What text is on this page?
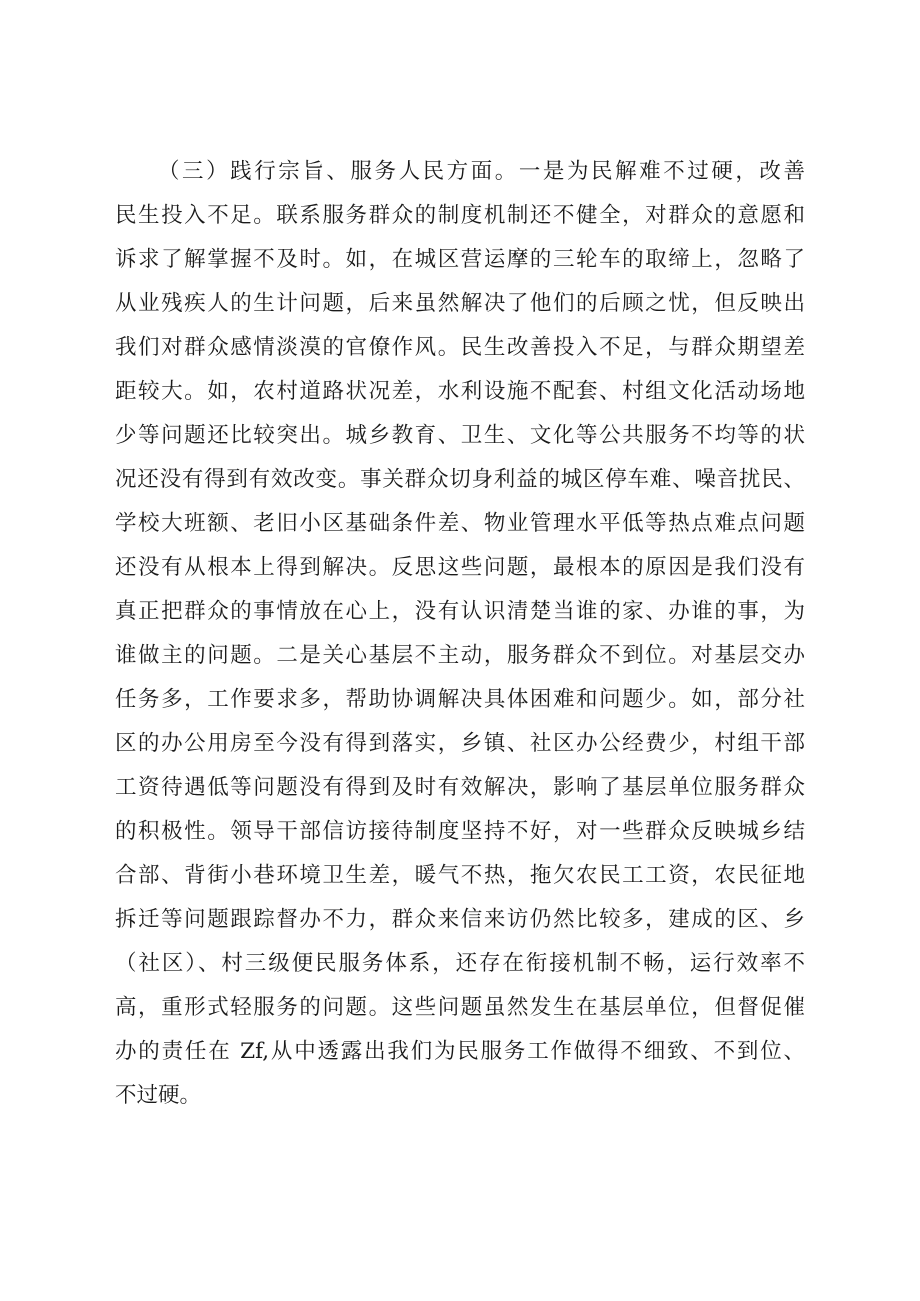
（三）践行宗旨、服务人民方面。一是为民解难不过硬，改善
民生投入不足。联系服务群众的制度机制还不健全，对群众的意愿和
诉求了解掌握不及时。如，在城区营运摩的三轮车的取缔上，忽略了
从业残疾人的生计问题，后来虽然解决了他们的后顾之忧，但反映出
我们对群众感情淡漠的官僚作风。民生改善投入不足，与群众期望差
距较大。如，农村道路状况差，水利设施不配套、村组文化活动场地
少等问题还比较突出。城乡教育、卫生、文化等公共服务不均等的状
况还没有得到有效改变。事关群众切身利益的城区停车难、噪音扰民、
学校大班额、老旧小区基础条件差、物业管理水平低等热点难点问题
还没有从根本上得到解决。反思这些问题，最根本的原因是我们没有
真正把群众的事情放在心上，没有认识清楚当谁的家、办谁的事，为
谁做主的问题。二是关心基层不主动，服务群众不到位。对基层交办
任务多，工作要求多，帮助协调解决具体困难和问题少。如，部分社
区的办公用房至今没有得到落实，乡镇、社区办公经费少，村组干部
工资待遇低等问题没有得到及时有效解决，影响了基层单位服务群众
的积极性。领导干部信访接待制度坚持不好，对一些群众反映城乡结
合部、背街小巷环境卫生差，暖气不热，拖欠农民工工资，农民征地
拆迁等问题跟踪督办不力，群众来信来访仍然比较多，建成的区、乡
（社区）、村三级便民服务体系，还存在衔接机制不畅，运行效率不
高，重形式轻服务的问题。这些问题虽然发生在基层单位，但督促催
办的责任在 Zf,从中透露出我们为民服务工作做得不细致、不到位、
不过硬。
